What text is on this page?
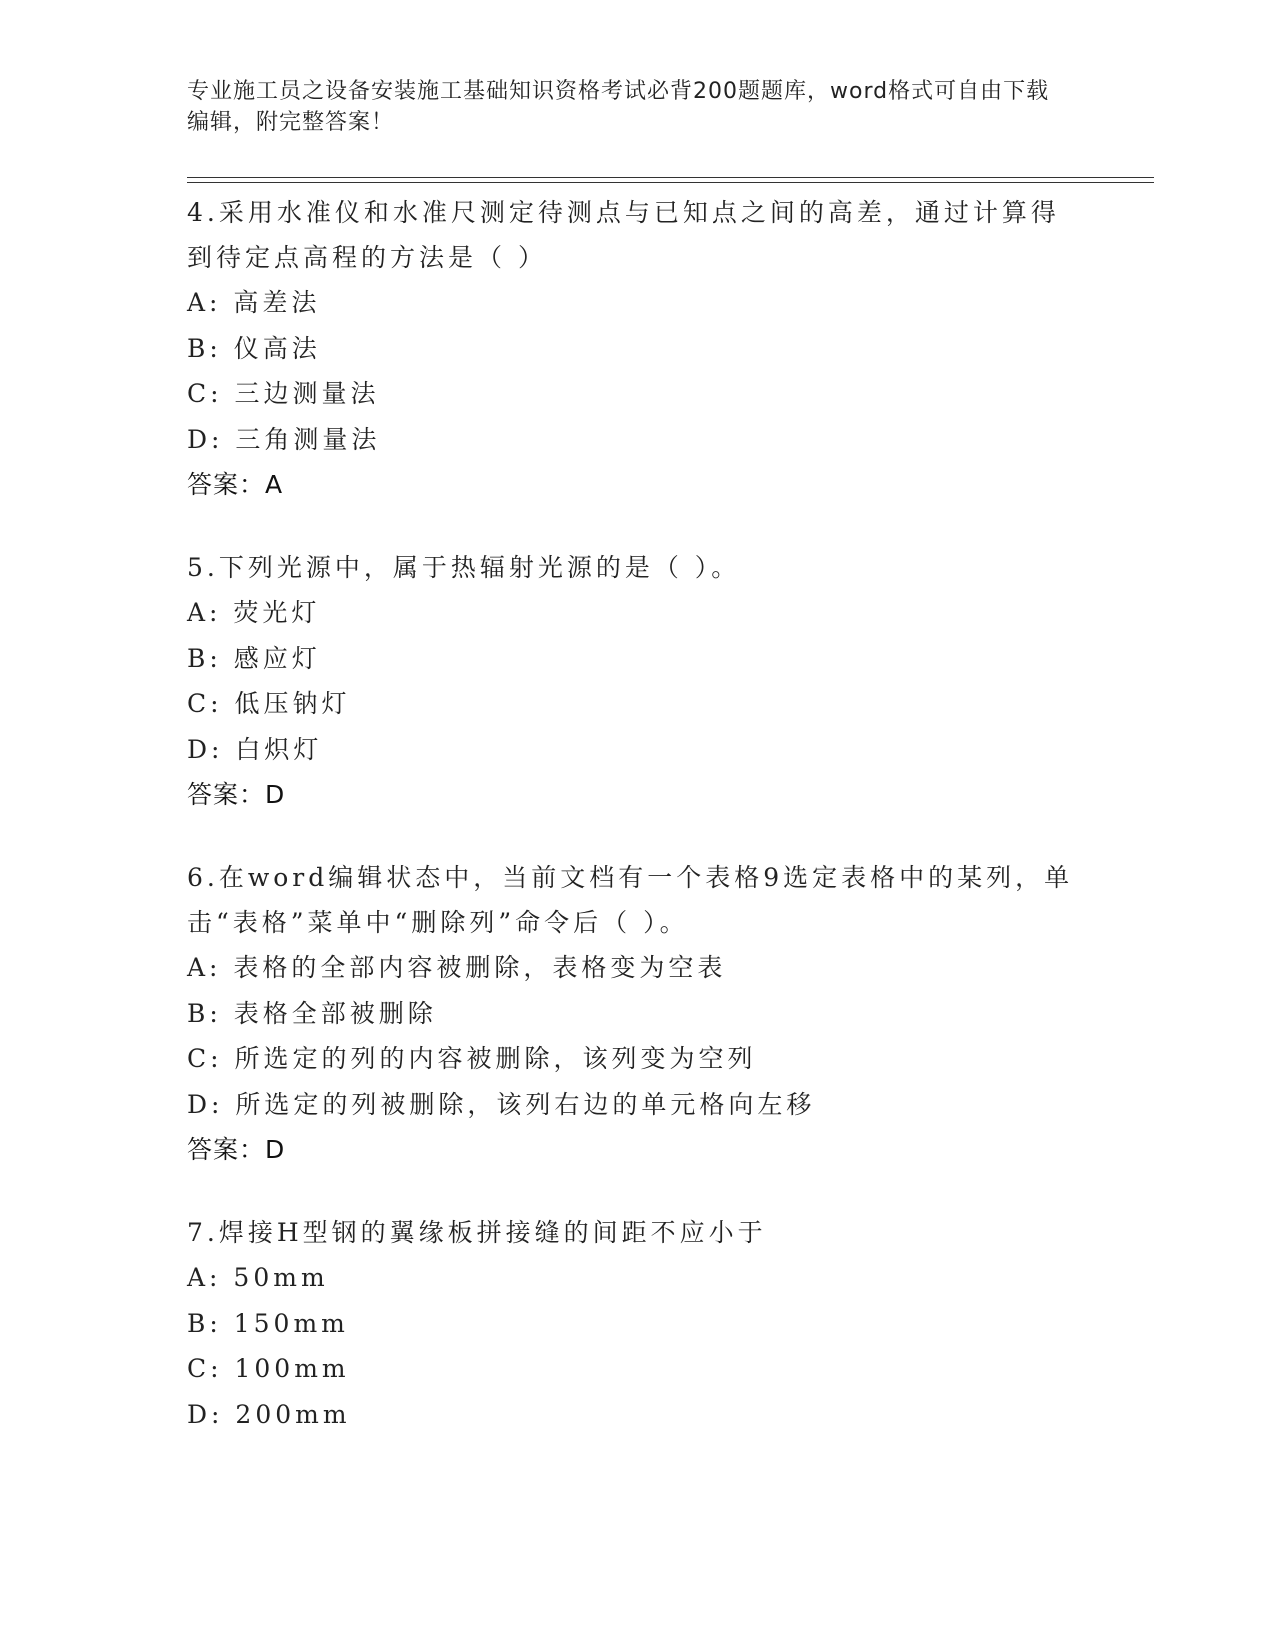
专业施工员之设备安装施工基础知识资格考试必背200题题库，word格式可自由下载编辑，附完整答案！
4.采用水准仪和水准尺测定待测点与已知点之间的高差，通过计算得到待定点高程的方法是（ ）
A: 高差法
B: 仪高法
C: 三边测量法
D: 三角测量法
答案：A
5.下列光源中，属于热辐射光源的是（ ）。
A: 荧光灯
B: 感应灯
C: 低压钠灯
D: 白炽灯
答案：D
6.在word编辑状态中，当前文档有一个表格9选定表格中的某列，单击“表格”菜单中“删除列”命令后（ ）。
A: 表格的全部内容被删除，表格变为空表
B: 表格全部被删除
C: 所选定的列的内容被删除，该列变为空列
D: 所选定的列被删除，该列右边的单元格向左移
答案：D
7.焊接H型钢的翼缘板拼接缝的间距不应小于
A: 50mm
B: 150mm
C: 100mm
D: 200mm
